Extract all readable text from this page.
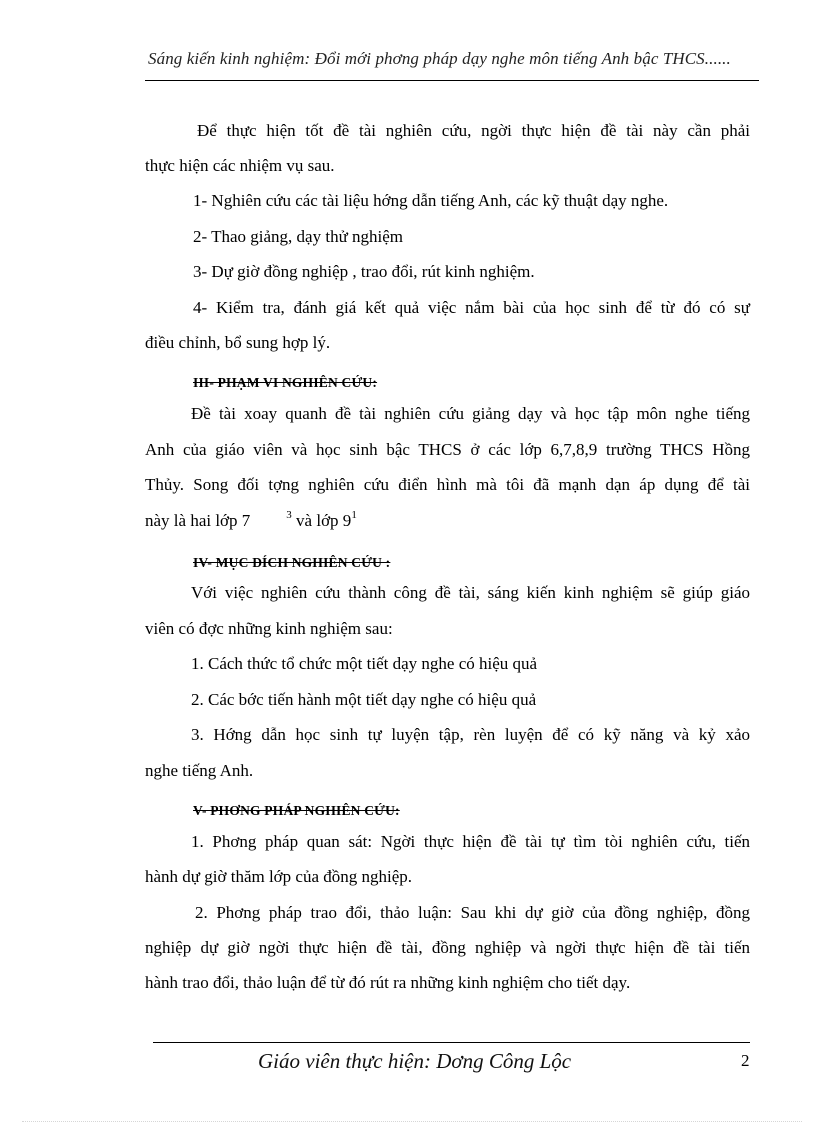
Sáng kiến kinh nghiệm: Đổi mới phơng pháp dạy nghe môn tiếng Anh bậc THCS......
Để thực hiện tốt đề tài nghiên cứu, ngời thực hiện đề tài này cần phải
thực hiện các nhiệm vụ sau.
1- Nghiên cứu các tài liệu hớng dẫn tiếng Anh, các kỹ thuật dạy nghe.
2- Thao giảng, dạy thử nghiệm
3- Dự giờ đồng nghiệp , trao đổi, rút kinh nghiệm.
4- Kiểm tra, đánh giá kết quả việc nắm bài của học sinh để từ đó có sự
điều chỉnh, bổ sung hợp lý.
III- PHẠM VI NGHIÊN CỨU:
Đề tài xoay quanh đề tài nghiên cứu giảng dạy và học tập môn nghe tiếng
Anh của giáo viên và học sinh bậc THCS ở các lớp 6,7,8,9 trường THCS Hồng
Thủy. Song đối tợng nghiên cứu điển hình mà tôi đã mạnh dạn áp dụng để tài
này là hai lớp 7	$^3$ và lớp $9^1$
IV- MỤC ĐÍCH NGHIÊN CỨU :
Với việc nghiên cứu thành công đề tài, sáng kiến kinh nghiệm sẽ giúp giáo
viên có đợc những kinh nghiệm sau:
1. Cách thức tổ chức một tiết dạy nghe có hiệu quả
2. Các bớc tiến hành một tiết dạy nghe có hiệu quả
3. Hớng dẫn học sinh tự luyện tập, rèn luyện để có kỹ năng và kỷ xảo
nghe tiếng Anh.
V- PHƠNG PHÁP NGHIÊN CỨU:
1. Phơng pháp quan sát: Ngời thực hiện đề tài tự tìm tòi nghiên cứu, tiến
hành dự giờ thăm lớp của đồng nghiệp.
2. Phơng pháp trao đổi, thảo luận: Sau khi dự giờ của đồng nghiệp, đồng
nghiệp dự giờ ngời thực hiện đề tài, đồng nghiệp và ngời thực hiện đề tài tiến
hành trao đổi, thảo luận để từ đó rút ra những kinh nghiệm cho tiết dạy.
Giáo viên thực hiện: Dơng Công Lộc	2
